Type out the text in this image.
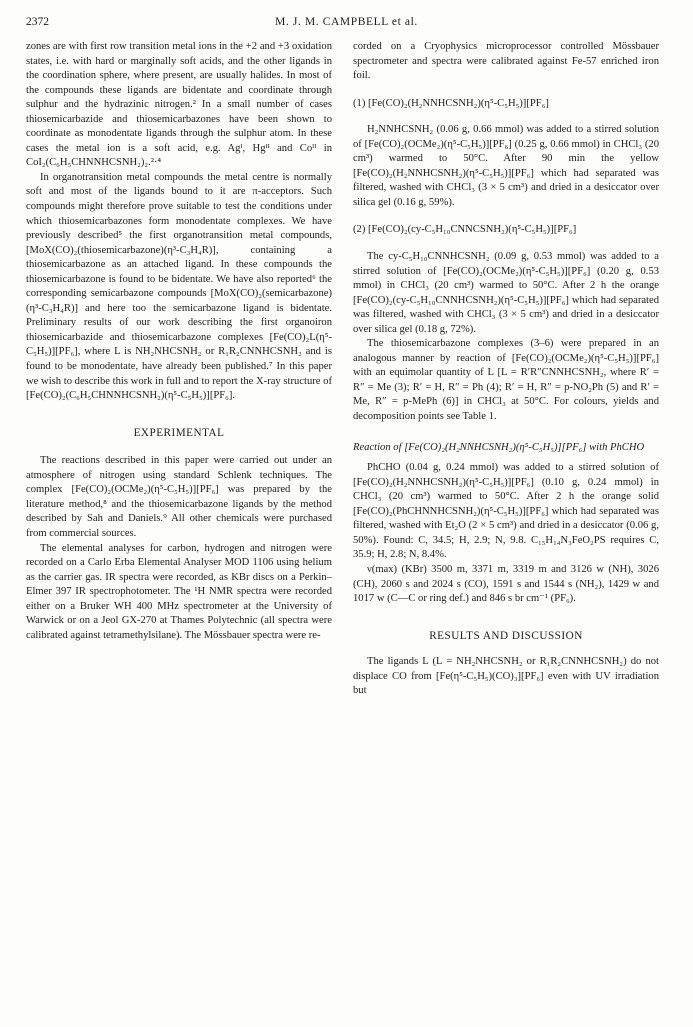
2372	M. J. M. CAMPBELL et al.

zones are with first row transition metal ions in the +2 and +3 oxidation states, i.e. with hard or marginally soft acids, and the other ligands in the coordination sphere, where present, are usually halides. In most of the compounds these ligands are bidentate and coordinate through sulphur and the hydrazinic nitrogen.² In a small number of cases thiosemicarbazide and thiosemicarbazones have been shown to coordinate as monodentate ligands through the sulphur atom. In these cases the metal ion is a soft acid, e.g. Agᴵ, Hgᴵᴵ and Coᴵᴵ in CoI₂(C₆H₅CHNNHCSNH₂)₂.²·⁴

In organotransition metal compounds the metal centre is normally soft and most of the ligands bound to it are π-acceptors. Such compounds might therefore prove suitable to test the conditions under which thiosemicarbazones form monodentate complexes. We have previously described⁵ the first organotransition metal compounds, [MoX(CO)₂(thiosemicarbazone)(η³-C₃H₄R)], containing a thiosemicarbazone as an attached ligand. In these compounds the thiosemicarbazone is found to be bidentate. We have also reported⁶ the corresponding semicarbazone compounds [MoX(CO)₂(semicarbazone)(η³-C₃H₄R)] and here too the semicarbazone ligand is bidentate. Preliminary results of our work describing the first organoiron thiosemicarbazide and thiosemicarbazone complexes [Fe(CO)₂L(η⁵-C₅H₅)][PF₆], where L is NH₂NHCSNH₂ or R₁R₂CNNHCSNH₂ and is found to be monodentate, have already been published.⁷ In this paper we wish to describe this work in full and to report the X-ray structure of [Fe(CO)₂(C₆H₅CHNNHCSNH₂)(η⁵-C₅H₅)][PF₆].

EXPERIMENTAL

The reactions described in this paper were carried out under an atmosphere of nitrogen using standard Schlenk techniques. The complex [Fe(CO)₂(OCMe₂)(η⁵-C₅H₅)][PF₆] was prepared by the literature method,⁸ and the thiosemicarbazone ligands by the method described by Sah and Daniels.⁹ All other chemicals were purchased from commercial sources.

The elemental analyses for carbon, hydrogen and nitrogen were recorded on a Carlo Erba Elemental Analyser MOD 1106 using helium as the carrier gas. IR spectra were recorded, as KBr discs on a Perkin–Elmer 397 IR spectrophotometer. The ¹H NMR spectra were recorded either on a Bruker WH 400 MHz spectrometer at the University of Warwick or on a Jeol GX-270 at Thames Polytechnic (all spectra were calibrated against tetramethylsilane). The Mössbauer spectra were re-

corded on a Cryophysics microprocessor controlled Mössbauer spectrometer and spectra were calibrated against Fe-57 enriched iron foil.

(1) [Fe(CO)₂(H₂NNHCSNH₂)(η⁵-C₅H₅)][PF₆]

H₂NNHCSNH₂ (0.06 g, 0.66 mmol) was added to a stirred solution of [Fe(CO)₂(OCMe₂)(η⁵-C₅H₅)][PF₆] (0.25 g, 0.66 mmol) in CHCl₃ (20 cm³) warmed to 50°C. After 90 min the yellow [Fe(CO)₂(H₂NNHCSNH₂)(η⁵-C₅H₅)][PF₆] which had separated was filtered, washed with CHCl₃ (3 × 5 cm³) and dried in a desiccator over silica gel (0.16 g, 59%).

(2) [Fe(CO)₂(cy-C₅H₁₀CNNCSNH₂)(η⁵-C₅H₅)][PF₆]

The cy-C₅H₁₀CNNHCSNH₂ (0.09 g, 0.53 mmol) was added to a stirred solution of [Fe(CO)₂(OCMe₂)(η⁵-C₅H₅)][PF₆] (0.20 g, 0.53 mmol) in CHCl₃ (20 cm³) warmed to 50°C. After 2 h the orange [Fe(CO)₂(cy-C₅H₁₀CNNHCSNH₂)(η⁵-C₅H₅)][PF₆] which had separated was filtered, washed with CHCl₃ (3 × 5 cm³) and dried in a desiccator over silica gel (0.18 g, 72%).

The thiosemicarbazone complexes (3–6) were prepared in an analogous manner by reaction of [Fe(CO)₂(OCMe₂)(η⁵-C₅H₅)][PF₆] with an equimolar quantity of L [L = R′R″CNNHCSNH₂, where R′ = R″ = Me (3); R′ = H, R″ = Ph (4); R′ = H, R″ = p-NO₂Ph (5) and R′ = Me, R″ = p-MePh (6)] in CHCl₃ at 50°C. For colours, yields and decomposition points see Table 1.

Reaction of [Fe(CO)₂(H₂NNHCSNH₂)(η⁵-C₅H₅)][PF₆] with PhCHO

PhCHO (0.04 g, 0.24 mmol) was added to a stirred solution of [Fe(CO)₂(H₂NNHCSNH₂)(η⁵-C₅H₅)][PF₆] (0.10 g, 0.24 mmol) in CHCl₃ (20 cm³) warmed to 50°C. After 2 h the orange solid [Fe(CO)₂(PhCHNNHCSNH₂)(η⁵-C₅H₅)][PF₆] which had separated was filtered, washed with Et₂O (2 × 5 cm³) and dried in a desiccator (0.06 g, 50%). Found: C, 34.5; H, 2.9; N, 9.8. C₁₅H₁₄N₃FeO₂PS requires C, 35.9; H, 2.8; N, 8.4%.

ν(max) (KBr) 3500 m, 3371 m, 3319 m and 3126 w (NH), 3026 (CH), 2060 s and 2024 s (CO), 1591 s and 1544 s (NH₂), 1429 w and 1017 w (C—C or ring def.) and 846 s br cm⁻¹ (PF₆).

RESULTS AND DISCUSSION

The ligands L (L = NH₂NHCSNH₂ or R₁R₂CNNHCSNH₂) do not displace CO from [Fe(η⁵-C₅H₅)(CO)₃][PF₆] even with UV irradiation but
